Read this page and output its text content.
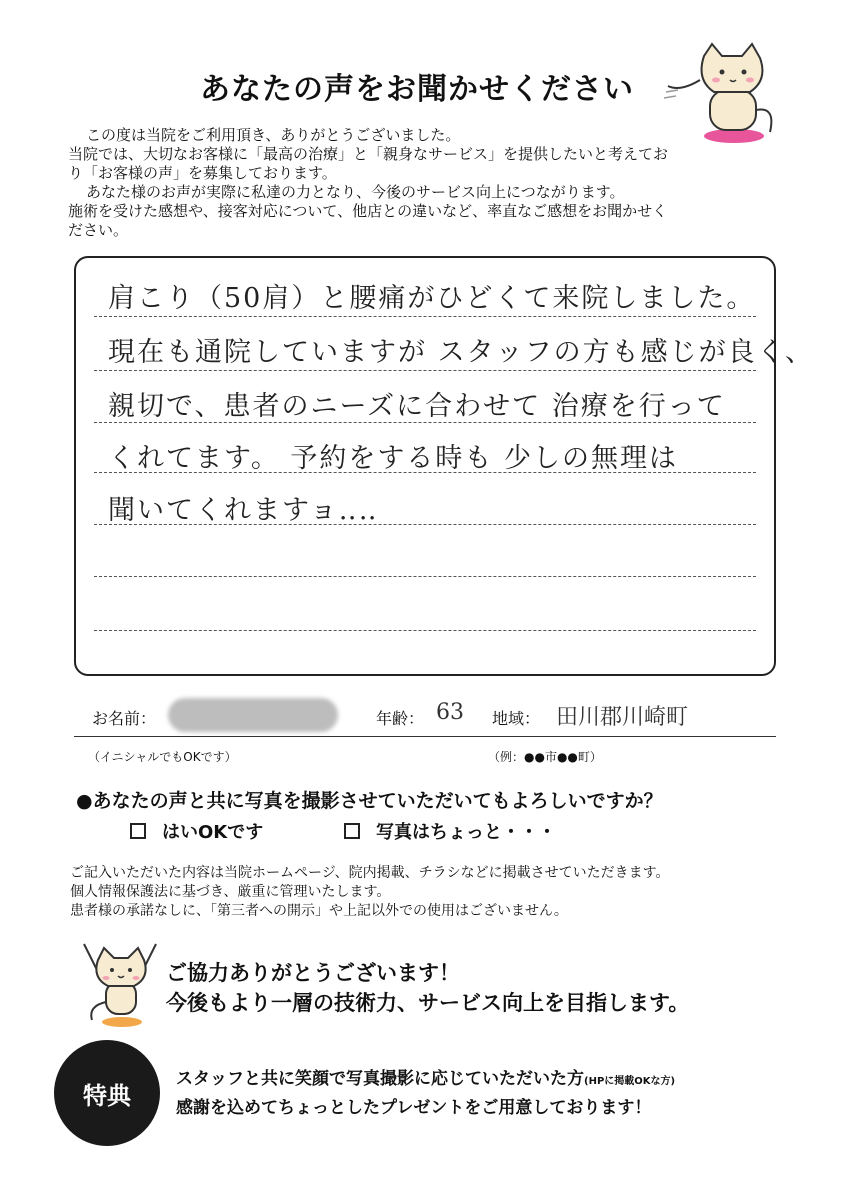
あなたの声をお聞かせください

この度は当院をご利用頂き、ありがとうございました。

当院では、大切なお客様に「最高の治療」と「親身なサービス」を提供したいと考えてお

り「お客様の声」を募集しております。

あなた様のお声が実際に私達の力となり、今後のサービス向上につながります。

施術を受けた感想や、接客対応について、他店との違いなど、率直なご感想をお聞かせく

ださい。

肩こり（50肩）と腰痛がひどくて来院しました。
現在も通院していますが スタッフの方も感じが良く、
親切で、患者のニーズに合わせて 治療を行って
くれてます。 予約をする時も 少しの無理は
聞いてくれますョ‥‥
お名前：	年齢： 63 地域： 田川郡川崎町
（イニシャルでもOKです）	（例：●●市●●町）
●あなたの声と共に写真を撮影させていただいてもよろしいですか？
はいOKです	写真はちょっと・・・

ご記入いただいた内容は当院ホームページ、院内掲載、チラシなどに掲載させていただきます。

個人情報保護法に基づき、厳重に管理いたします。

患者様の承諾なしに、「第三者への開示」や上記以外での使用はございません。

ご協力ありがとうございます！

今後もより一層の技術力、サービス向上を目指します。

特典

スタッフと共に笑顔で写真撮影に応じていただいた方(HPに掲載OKな方)

感謝を込めてちょっとしたプレゼントをご用意しております！
